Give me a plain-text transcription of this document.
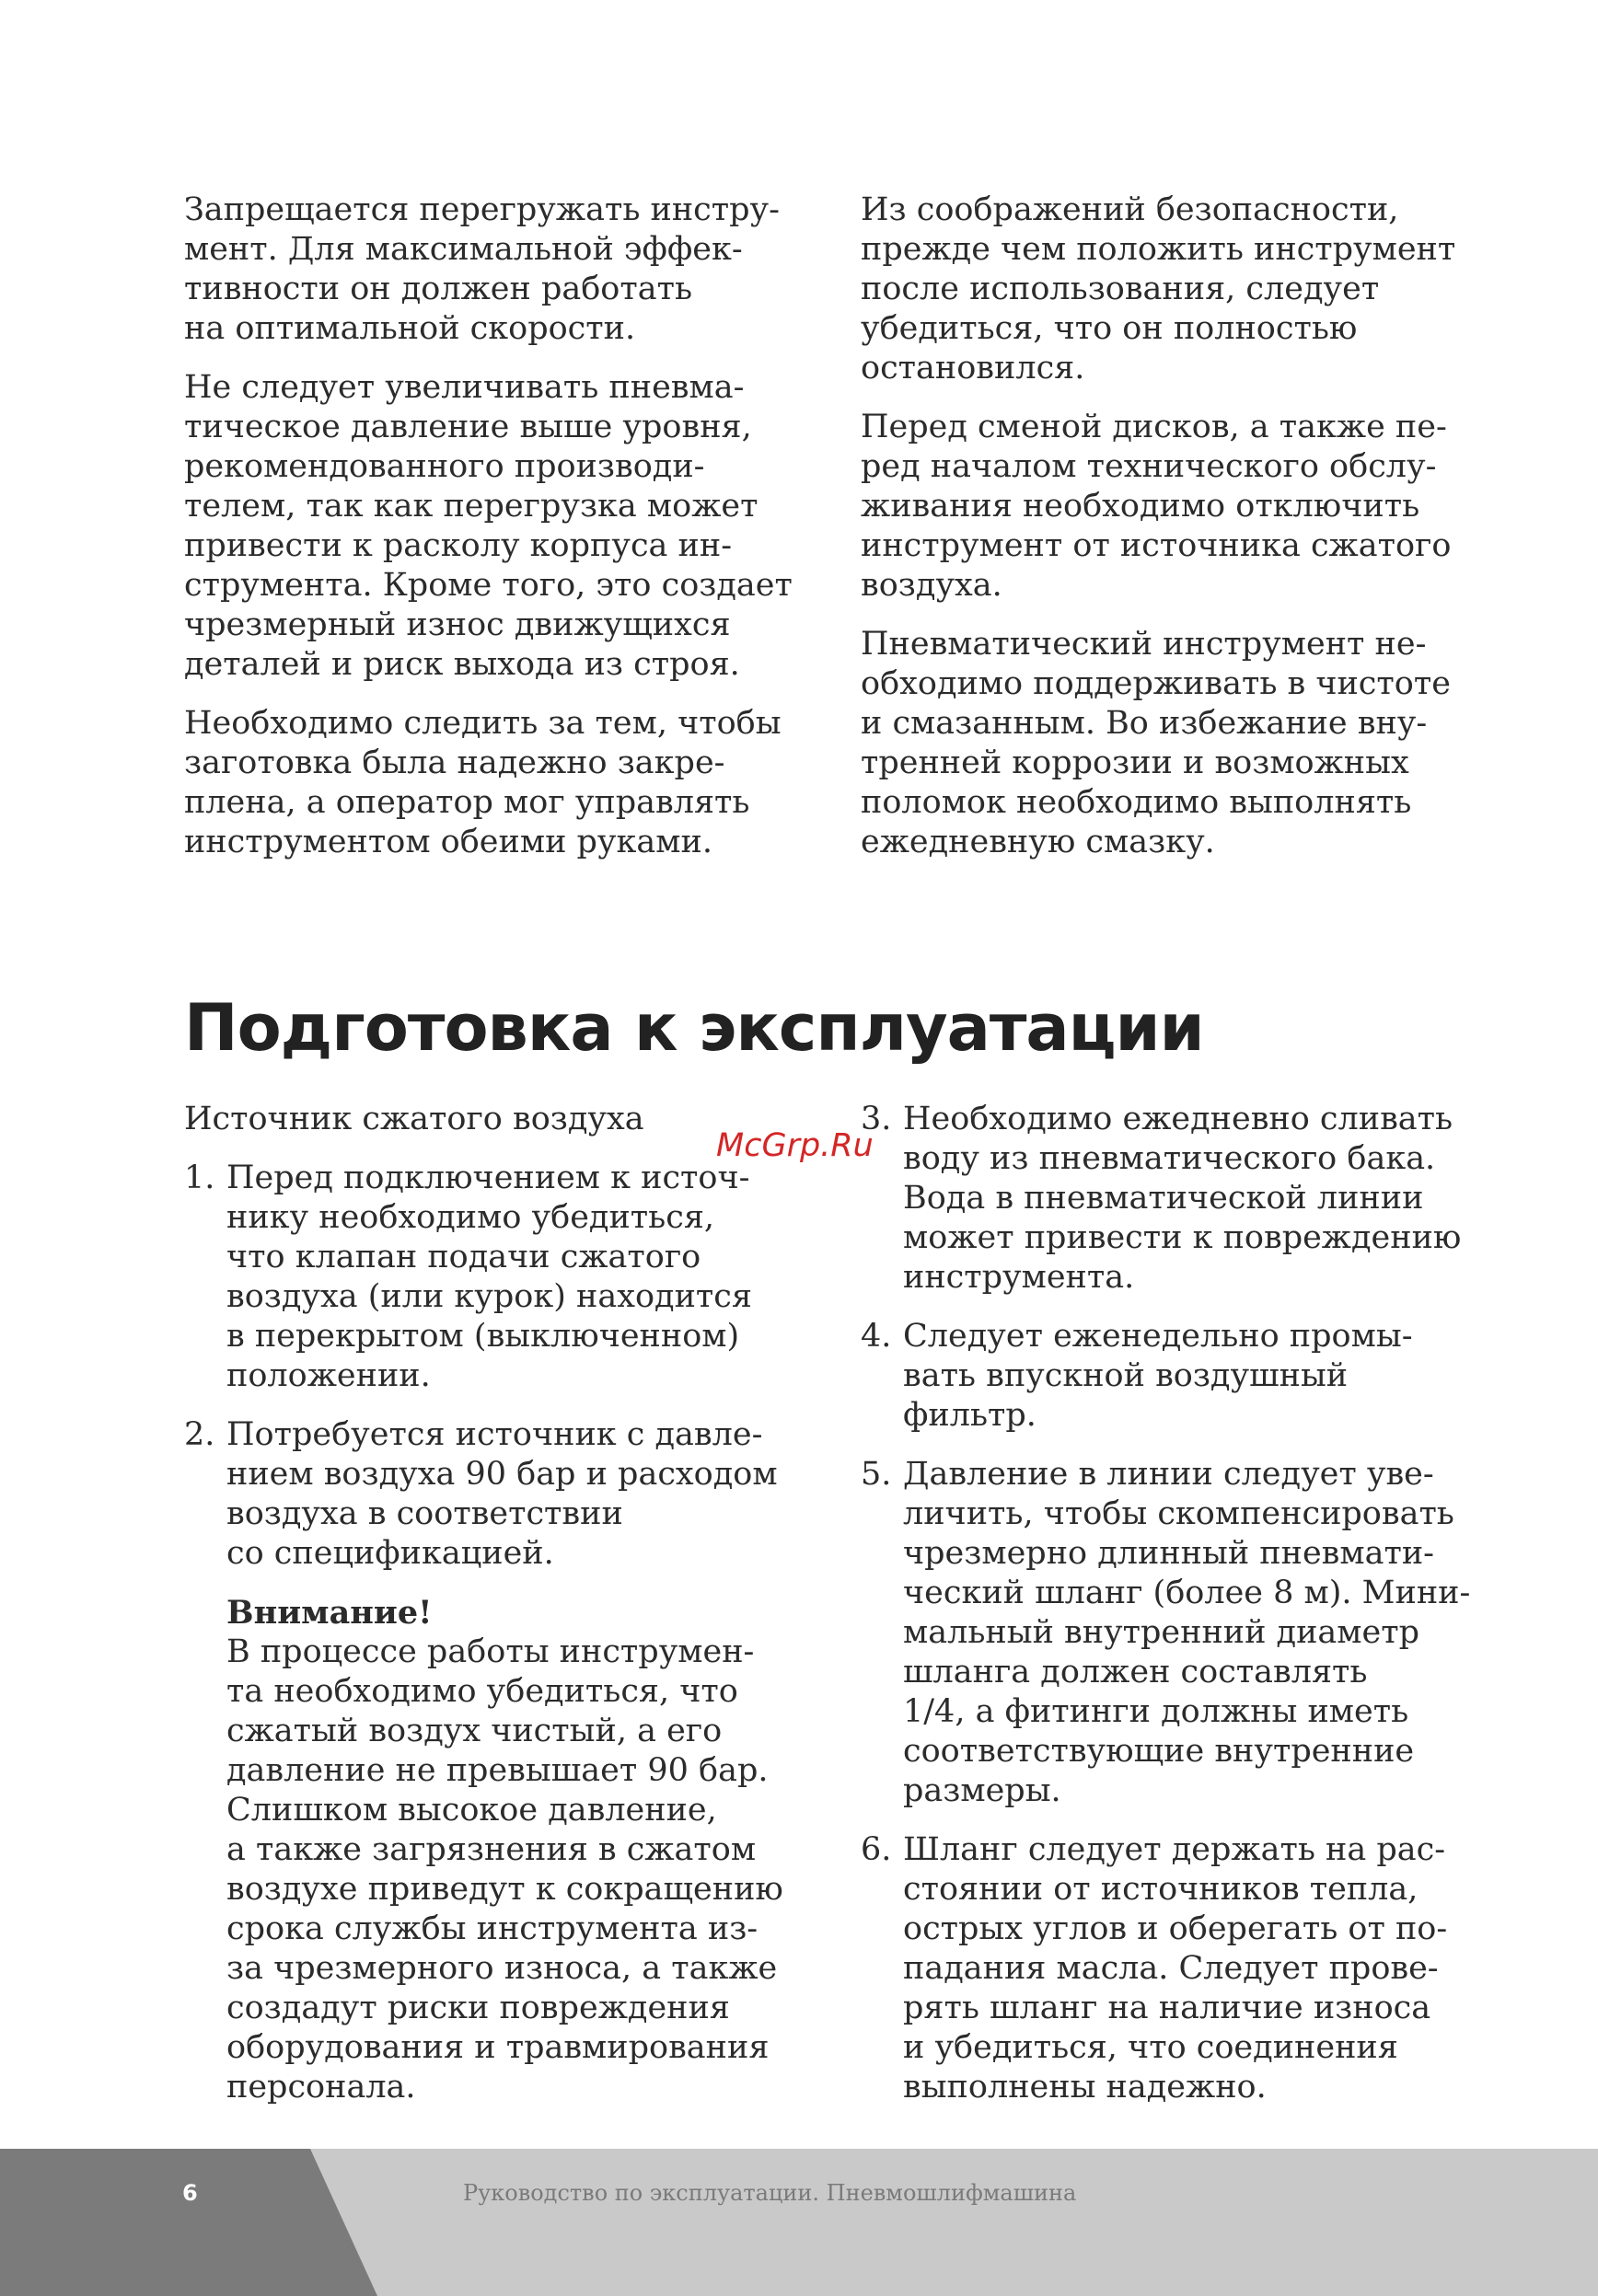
Запрещается перегружать инстру-
мент. Для максимальной эффек-
тивности он должен работать
на оптимальной скорости.

Не следует увеличивать пневма-
тическое давление выше уровня,
рекомендованного производи-
телем, так как перегрузка может
привести к расколу корпуса ин-
струмента. Кроме того, это создает
чрезмерный износ движущихся
деталей и риск выхода из строя.

Необходимо следить за тем, чтобы
заготовка была надежно закре-
плена, а оператор мог управлять
инструментом обеими руками.

Из соображений безопасности,
прежде чем положить инструмент
после использования, следует
убедиться, что он полностью
остановился.

Перед сменой дисков, а также пе-
ред началом технического обслу-
живания необходимо отключить
инструмент от источника сжатого
воздуха.

Пневматический инструмент не-
обходимо поддерживать в чистоте
и смазанным. Во избежание вну-
тренней коррозии и возможных
поломок необходимо выполнять
ежедневную смазку.

Подготовка к эксплуатации

Источник сжатого воздуха

1. Перед подключением к источ-
нику необходимо убедиться,
что клапан подачи сжатого
воздуха (или курок) находится
в перекрытом (выключенном)
положении.

2. Потребуется источник с давле-
нием воздуха 90 бар и расходом
воздуха в соответствии
со спецификацией.

Внимание!

В процессе работы инструмен-
та необходимо убедиться, что
сжатый воздух чистый, а его
давление не превышает 90 бар.
Слишком высокое давление,
а также загрязнения в сжатом
воздухе приведут к сокращению
срока службы инструмента из-
за чрезмерного износа, а также
создадут риски повреждения
оборудования и травмирования
персонала.

3. Необходимо ежедневно сливать
воду из пневматического бака.
Вода в пневматической линии
может привести к повреждению
инструмента.

4. Следует еженедельно промы-
вать впускной воздушный
фильтр.

5. Давление в линии следует уве-
личить, чтобы скомпенсировать
чрезмерно длинный пневмати-
ческий шланг (более 8 м). Мини-
мальный внутренний диаметр
шланга должен составлять
1/4, а фитинги должны иметь
соответствующие внутренние
размеры.

6. Шланг следует держать на рас-
стоянии от источников тепла,
острых углов и оберегать от по-
падания масла. Следует прове-
рять шланг на наличие износа
и убедиться, что соединения
выполнены надежно.

McGrp.Ru

6	Руководство по эксплуатации. Пневмошлифмашина
